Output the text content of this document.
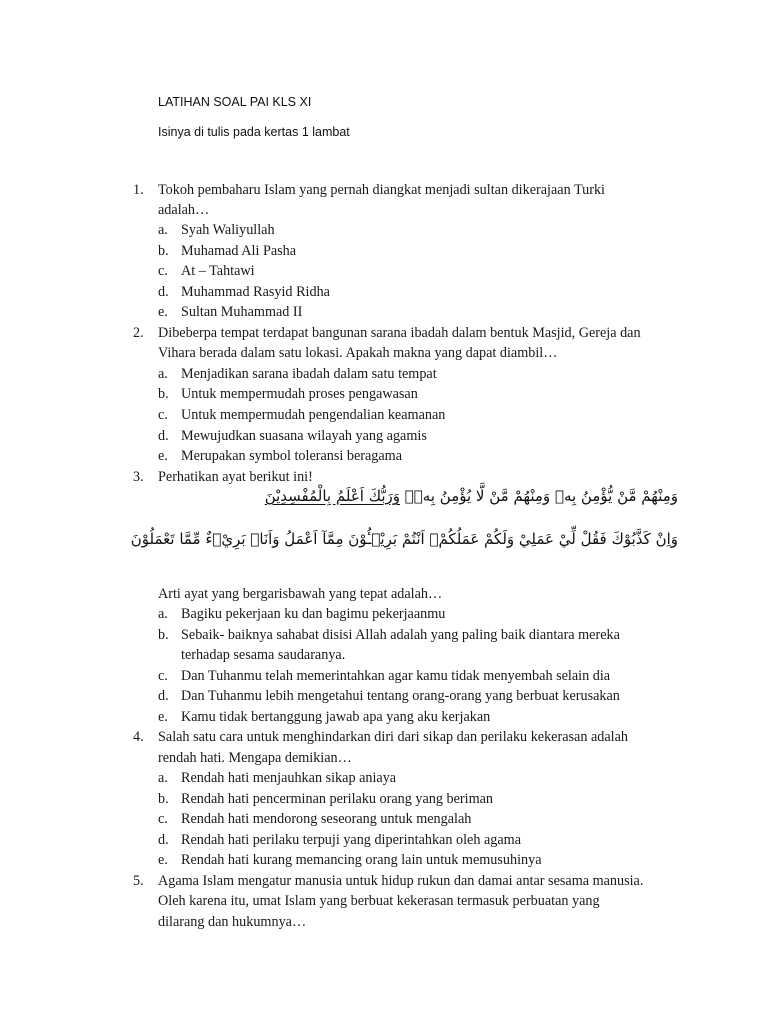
LATIHAN SOAL PAI KLS XI
Isinya di tulis pada kertas 1 lambat
1. Tokoh pembaharu Islam yang pernah diangkat menjadi sultan dikerajaan Turki
adalah…
a. Syah Waliyullah
b. Muhamad Ali Pasha
c. At – Tahtawi
d. Muhammad Rasyid Ridha
e. Sultan Muhammad II
2. Dibeberpa tempat terdapat bangunan sarana ibadah dalam bentuk Masjid, Gereja dan
Vihara berada dalam satu lokasi. Apakah makna yang dapat diambil…
a. Menjadikan sarana ibadah dalam satu tempat
b. Untuk mempermudah proses pengawasan
c. Untuk mempermudah pengendalian keamanan
d. Mewujudkan suasana wilayah yang agamis
e. Merupakan symbol toleransi beragama
3. Perhatikan ayat berikut ini!
وَمِنْهُمْ مَّنْ يُّؤْمِنُ بِهٖ وَمِنْهُمْ مَّنْ لَّا يُؤْمِنُ بِهٖۗ وَرَبُّكَ اَعْلَمُ بِالْمُفْسِدِيْنَ
وَاِنْ كَذَّبُوْكَ فَقُلْ لِّيْ عَمَلِيْ وَلَكُمْ عَمَلُكُمْۚ اَنْتُمْ بَرِيْۤـُٔوْنَ مِمَّآ اَعْمَلُ وَاَنَا۠ بَرِيْۤءٌ مِّمَّا تَعْمَلُوْنَ
Arti ayat yang bergarisbawah yang tepat adalah…
a. Bagiku pekerjaan ku dan bagimu pekerjaanmu
b. Sebaik- baiknya sahabat disisi Allah adalah yang paling baik diantara mereka
terhadap sesama saudaranya.
c. Dan Tuhanmu telah memerintahkan agar kamu tidak menyembah selain dia
d. Dan Tuhanmu lebih mengetahui tentang orang-orang yang berbuat kerusakan
e. Kamu tidak bertanggung jawab apa yang aku kerjakan
4. Salah satu cara untuk menghindarkan diri dari sikap dan perilaku kekerasan adalah
rendah hati. Mengapa demikian…
a. Rendah hati menjauhkan sikap aniaya
b. Rendah hati pencerminan perilaku orang yang beriman
c. Rendah hati mendorong seseorang untuk mengalah
d. Rendah hati perilaku terpuji yang diperintahkan oleh agama
e. Rendah hati kurang memancing orang lain untuk memusuhinya
5. Agama Islam mengatur manusia untuk hidup rukun dan damai antar sesama manusia.
Oleh karena itu, umat Islam yang berbuat kekerasan termasuk perbuatan yang
dilarang dan hukumnya…
